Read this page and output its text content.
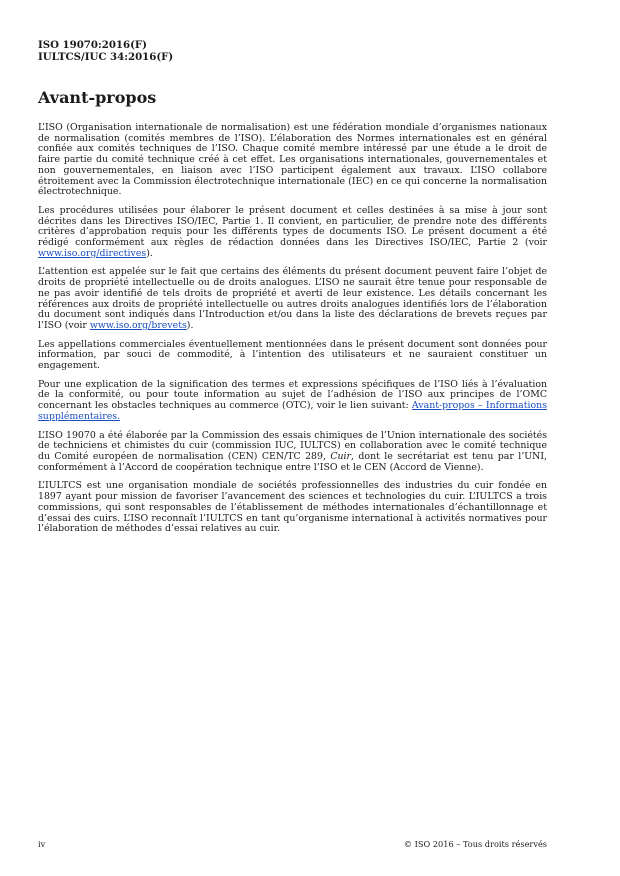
ISO 19070:2016(F)
IULTCS/IUC 34:2016(F)
Avant-propos

L’ISO (Organisation internationale de normalisation) est une fédération mondiale d’organismes nationaux de normalisation (comités membres de l’ISO). L’élaboration des Normes internationales est en général confiée aux comités techniques de l’ISO. Chaque comité membre intéressé par une étude a le droit de faire partie du comité technique créé à cet effet. Les organisations internationales, gouvernementales et non gouvernementales, en liaison avec l’ISO participent également aux travaux. L’ISO collabore étroitement avec la Commission électrotechnique internationale (IEC) en ce qui concerne la normalisation électrotechnique.

Les procédures utilisées pour élaborer le présent document et celles destinées à sa mise à jour sont décrites dans les Directives ISO/IEC, Partie 1. Il convient, en particulier, de prendre note des différents critères d’approbation requis pour les différents types de documents ISO. Le présent document a été rédigé conformément aux règles de rédaction données dans les Directives ISO/IEC, Partie 2 (voir www.iso.org/directives).

L’attention est appelée sur le fait que certains des éléments du présent document peuvent faire l’objet de droits de propriété intellectuelle ou de droits analogues. L’ISO ne saurait être tenue pour responsable de ne pas avoir identifié de tels droits de propriété et averti de leur existence. Les détails concernant les références aux droits de propriété intellectuelle ou autres droits analogues identifiés lors de l’élaboration du document sont indiqués dans l’Introduction et/ou dans la liste des déclarations de brevets reçues par l’ISO (voir www.iso.org/brevets).

Les appellations commerciales éventuellement mentionnées dans le présent document sont données pour information, par souci de commodité, à l’intention des utilisateurs et ne sauraient constituer un engagement.

Pour une explication de la signification des termes et expressions spécifiques de l’ISO liés à l’évaluation de la conformité, ou pour toute information au sujet de l’adhésion de l’ISO aux principes de l’OMC concernant les obstacles techniques au commerce (OTC), voir le lien suivant: Avant-propos – Informations supplémentaires.

L’ISO 19070 a été élaborée par la Commission des essais chimiques de l’Union internationale des sociétés de techniciens et chimistes du cuir (commission IUC, IULTCS) en collaboration avec le comité technique du Comité européen de normalisation (CEN) CEN/TC 289, Cuir, dont le secrétariat est tenu par l’UNI, conformément à l’Accord de coopération technique entre l’ISO et le CEN (Accord de Vienne).

L’IULTCS est une organisation mondiale de sociétés professionnelles des industries du cuir fondée en 1897 ayant pour mission de favoriser l’avancement des sciences et technologies du cuir. L’IULTCS a trois commissions, qui sont responsables de l’établissement de méthodes internationales d’échantillonnage et d’essai des cuirs. L’ISO reconnaît l’IULTCS en tant qu’organisme international à activités normatives pour l’élaboration de méthodes d’essai relatives au cuir.

iv	© ISO 2016 – Tous droits réservés
